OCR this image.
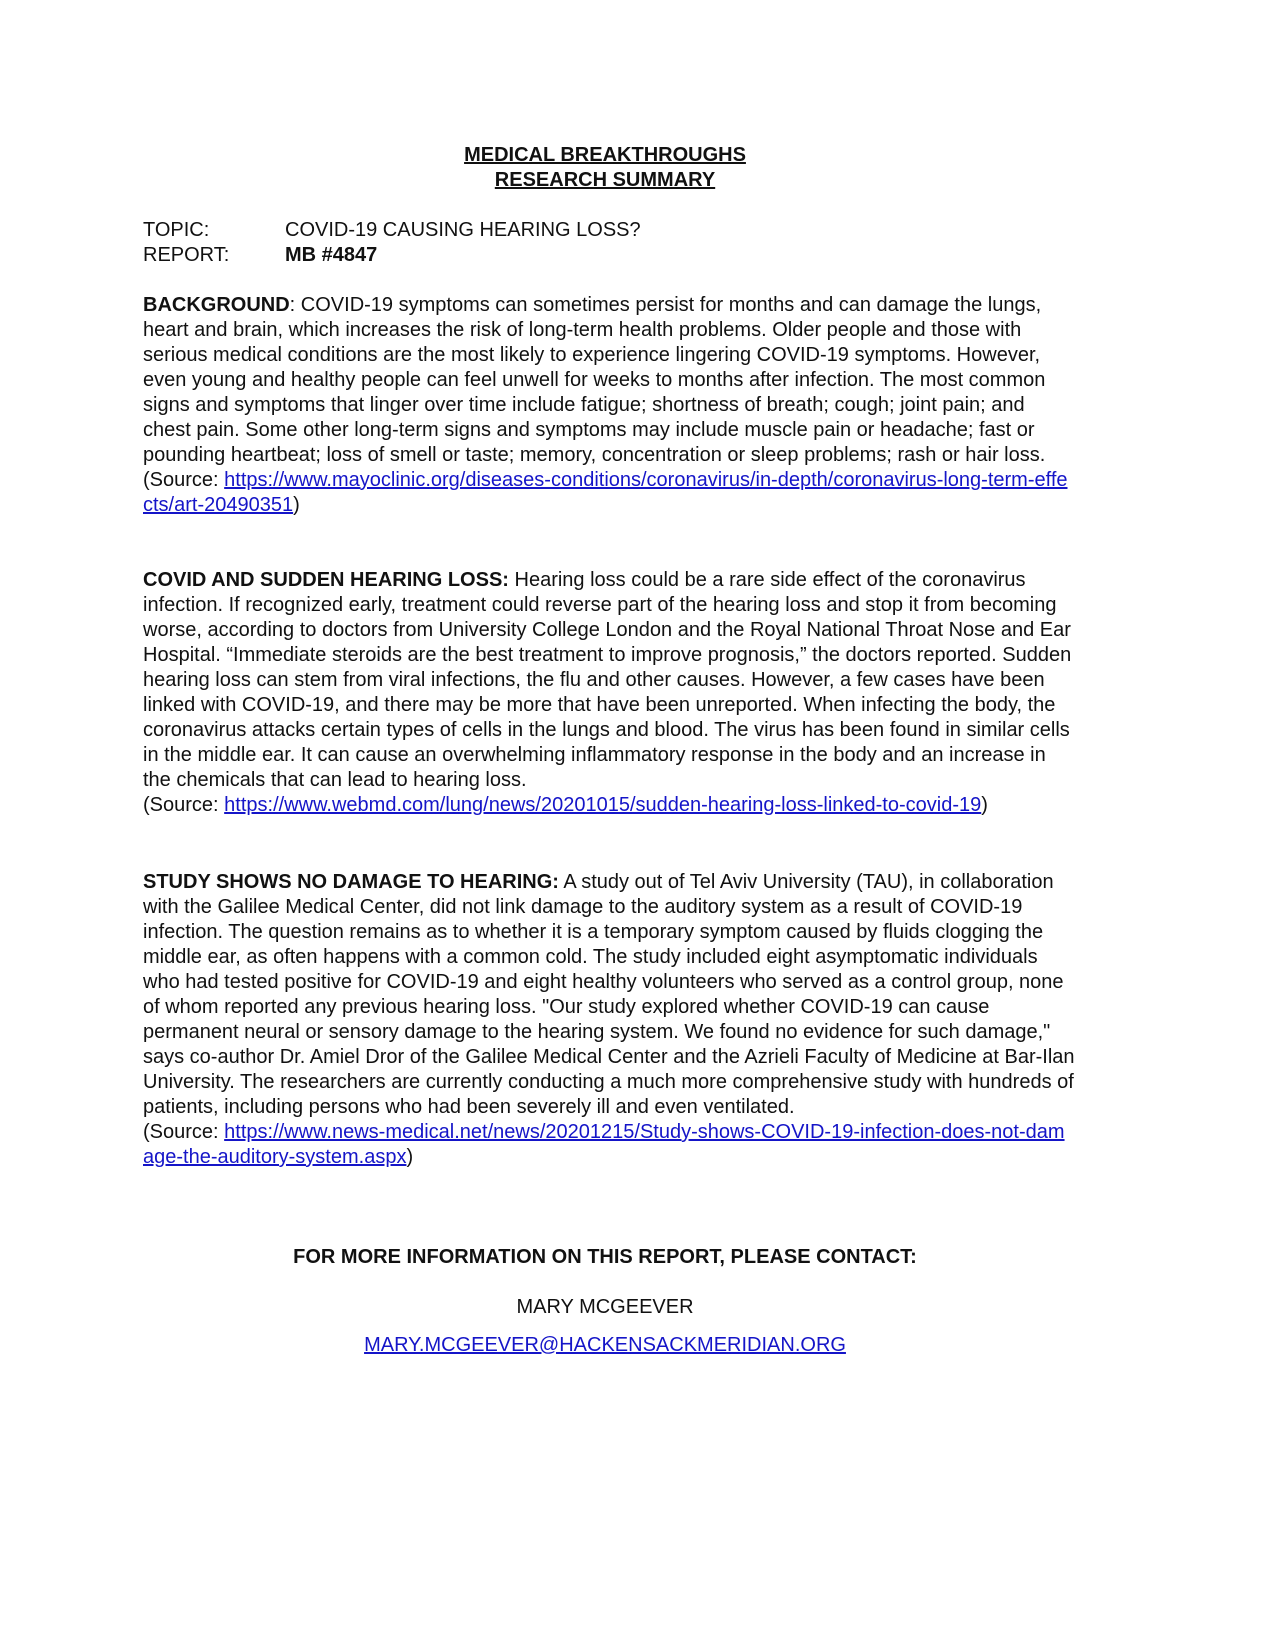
MEDICAL BREAKTHROUGHS
RESEARCH SUMMARY
TOPIC:	COVID-19 CAUSING HEARING LOSS?
REPORT:	MB #4847
BACKGROUND: COVID-19 symptoms can sometimes persist for months and can damage the lungs, heart and brain, which increases the risk of long-term health problems. Older people and those with serious medical conditions are the most likely to experience lingering COVID-19 symptoms. However, even young and healthy people can feel unwell for weeks to months after infection. The most common signs and symptoms that linger over time include fatigue; shortness of breath; cough; joint pain; and chest pain. Some other long-term signs and symptoms may include muscle pain or headache; fast or pounding heartbeat; loss of smell or taste; memory, concentration or sleep problems; rash or hair loss.
(Source: https://www.mayoclinic.org/diseases-conditions/coronavirus/in-depth/coronavirus-long-term-effects/art-20490351)
COVID AND SUDDEN HEARING LOSS: Hearing loss could be a rare side effect of the coronavirus infection. If recognized early, treatment could reverse part of the hearing loss and stop it from becoming worse, according to doctors from University College London and the Royal National Throat Nose and Ear Hospital. “Immediate steroids are the best treatment to improve prognosis,” the doctors reported. Sudden hearing loss can stem from viral infections, the flu and other causes. However, a few cases have been linked with COVID-19, and there may be more that have been unreported. When infecting the body, the coronavirus attacks certain types of cells in the lungs and blood. The virus has been found in similar cells in the middle ear. It can cause an overwhelming inflammatory response in the body and an increase in the chemicals that can lead to hearing loss.
(Source: https://www.webmd.com/lung/news/20201015/sudden-hearing-loss-linked-to-covid-19)
STUDY SHOWS NO DAMAGE TO HEARING: A study out of Tel Aviv University (TAU), in collaboration with the Galilee Medical Center, did not link damage to the auditory system as a result of COVID-19 infection. The question remains as to whether it is a temporary symptom caused by fluids clogging the middle ear, as often happens with a common cold. The study included eight asymptomatic individuals who had tested positive for COVID-19 and eight healthy volunteers who served as a control group, none of whom reported any previous hearing loss. "Our study explored whether COVID-19 can cause permanent neural or sensory damage to the hearing system. We found no evidence for such damage," says co-author Dr. Amiel Dror of the Galilee Medical Center and the Azrieli Faculty of Medicine at Bar-Ilan University. The researchers are currently conducting a much more comprehensive study with hundreds of patients, including persons who had been severely ill and even ventilated.
(Source: https://www.news-medical.net/news/20201215/Study-shows-COVID-19-infection-does-not-damage-the-auditory-system.aspx)
FOR MORE INFORMATION ON THIS REPORT, PLEASE CONTACT:
MARY MCGEEVER
MARY.MCGEEVER@HACKENSACKMERIDIAN.ORG
